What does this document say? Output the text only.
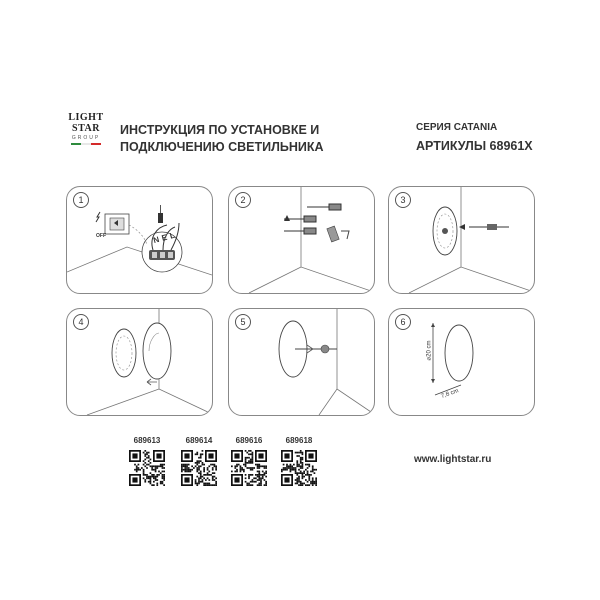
LIGHT
STAR
GROUP
ИНСТРУКЦИЯ ПО УСТАНОВКЕ И
ПОДКЛЮЧЕНИЮ СВЕТИЛЬНИКА
СЕРИЯ CATANIA
АРТИКУЛЫ 68961X
1
OFF	NEL
2	3
4	5	6
⌀20 cm
7,8 cm
689613	689614	689616	689618
www.lightstar.ru
